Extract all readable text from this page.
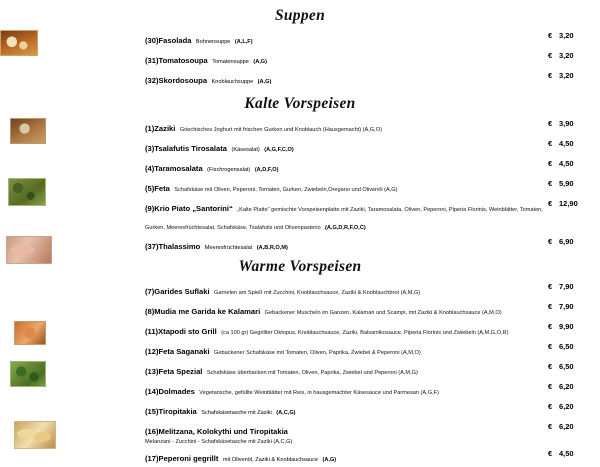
Suppen
(30)Fasolada Bohnensuppe (A,L,F)
€ 3,20
(31)Tomatosoupa Tomatensuppe (A,G)
€ 3,20
(32)Skordosoupa Knoblauchsuppe (A,G)
€ 3,20
Kalte Vorspeisen
(1)Zaziki Griechisches Joghurt mit frischen Gurken und Knoblauch (Hausgemacht) (A,G,O)
€ 3,90
(3)Tsalafutis Tirosalata (Käsesalat) (A,G,F,C,O)
€ 4,50
(4)Taramosalata (Fischrogensalat) (A,D,F,O)
€ 4,50
(5)Feta Schafskäse mit Oliven, Peperoni, Tomaten, Gurken, Zwiebeln,Oregano und Olivenöl (A,G)
€ 5,90
(9)Krio Piato „Santorini“ „Kalte Platte“ gemischte Vorspeisenplatte mit Zaziki, Taramosalata, Oliven, Peperoni, Piperia Florinis, Weinblätter, Tomaten, Gurken, Meeresfrüchtesalat, Schafskäse, Tsalafutis und Olivenpasterio (A,G,D,R,F,O,C)
€ 12,90
(37)Thalassimo Meeresfrüchtesalat (A,B,R,O,M)
€ 6,90
Warme Vorspeisen
(7)Garides Suflaki Garnelen am Spieß mit Zucchini, Knoblauchsauce, Zaziki & Knoblauchbrot (A,M,G)
€ 7,90
(8)Mudia me Garida ke Kalamari Gebackener Muscheln im Ganzen, Kalamari und Scampi, mit Zaziki & Knoblauchsauce (A,M,O)
€ 7,90
(11)Xtapodi sto Grill (ca 100 gr) Gegrillter Oktopus, Knoblauchsauce, Zaziki, Balsamikosauce, Piperia Florinis und Zwiebeln (A,M,G,O,R)
€ 9,90
(12)Feta Saganaki Gebackener Schafskäse mit Tomaten, Oliven, Paprika, Zwiebel & Peperoni (A,M,O)
€ 6,50
(13)Feta Spezial Schafskäse überbacken mit Tomaten, Oliven, Paprika, Zwiebel und Peperoni (A,M,G)
€ 6,50
(14)Dolmades Vegetarische, gefüllte Weinblätter mit Reis, in hausgemachter Käsesauce und Parmesan (A,G,F)
€ 6,20
(15)Tiropitakia Schafskäsetasche mit Zaziki (A,C,G)
€ 6,20
(16)Melitzana, Kolokythi und Tiropitakia
Melanzani - Zucchini - Schafskäsetasche mit Zaziki (A,C,G)
€ 6,20
(17)Peperoni gegrillt mit Olivenöl, Zaziki & Knoblauchsauce (A,G)
€ 4,50
